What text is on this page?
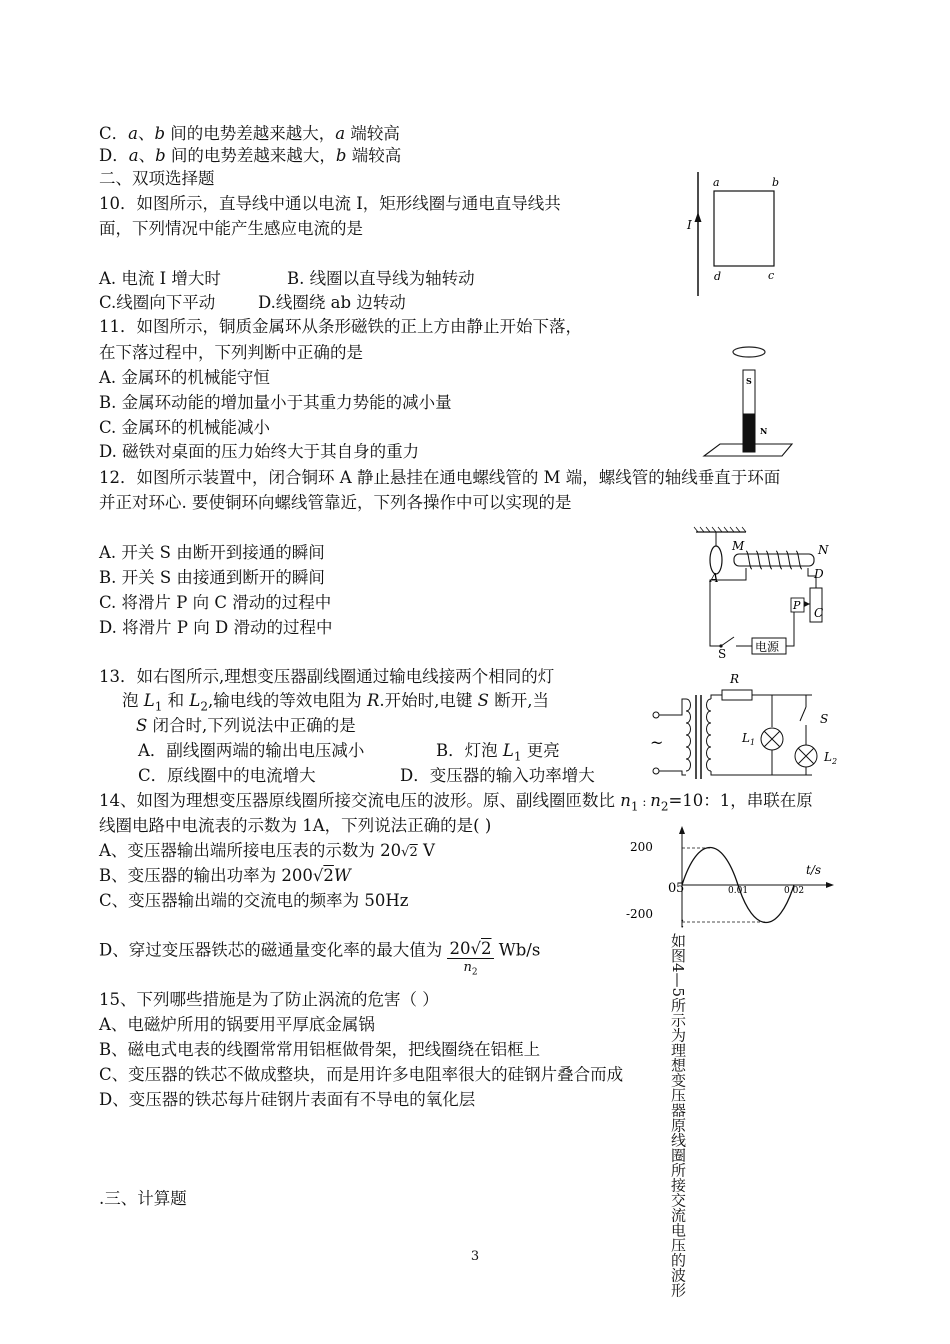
C．a、b 间的电势差越来越大，a 端较高
D．a、b 间的电势差越来越大，b 端较高
二、双项选择题
10．如图所示，直导线中通以电流 I，矩形线圈与通电直导线共
面，下列情况中能产生感应电流的是
A. 电流 I 增大时	B. 线圈以直导线为轴转动
C.线圈向下平动	D.线圈绕 ab 边转动
I
a	b
d	c
11．如图所示，铜质金属环从条形磁铁的正上方由静止开始下落，
在下落过程中，下列判断中正确的是
A. 金属环的机械能守恒
B. 金属环动能的增加量小于其重力势能的减小量
C. 金属环的机械能减小
D. 磁铁对桌面的压力始终大于其自身的重力
S
N
12．如图所示装置中，闭合铜环 A 静止悬挂在通电螺线管的 M 端，螺线管的轴线垂直于环面
并正对环心. 要使铜环向螺线管靠近，下列各操作中可以实现的是
A. 开关 S 由断开到接通的瞬间
B. 开关 S 由接通到断开的瞬间
C. 将滑片 P 向 C 滑动的过程中
D. 将滑片 P 向 D 滑动的过程中
A
M	N
D
P
C
S 电源
13．如右图所示,理想变压器副线圈通过输电线接两个相同的灯
泡 $L_1$ 和 $L_2$,输电线的等效电阻为 R.开始时,电键 S 断开,当
S 闭合时,下列说法中正确的是
A．副线圈两端的输出电压减小	B．灯泡 $L_1$ 更亮
C．原线圈中的电流增大	D．变压器的输入功率增大
~
R
$L_1$
S
$L_2$
14、如图为理想变压器原线圈所接交流电压的波形。原、副线圈匝数比 $n_1$ : $n_2=10$：1，串联在原
线圈电路中电流表的示数为 1A，下列说法正确的是( )
A、变压器输出端所接电压表的示数为 20√2 V
B、变压器的输出功率为 200√2W
C、变压器输出端的交流电的频率为 50Hz
D、穿过变压器铁芯的磁通量变化率的最大值为 20√2
$n_2$
Wb/s
200
-200
0 5	0.01	0.02
t/s
：如图4—5所示为理想变压器原线圈所接交流电压的波形
15、下列哪些措施是为了防止涡流的危害（ ）
A、电磁炉所用的锅要用平厚底金属锅
B、磁电式电表的线圈常常用铝框做骨架，把线圈绕在铝框上
C、变压器的铁芯不做成整块，而是用许多电阻率很大的硅钢片叠合而成
D、变压器的铁芯每片硅钢片表面有不导电的氧化层
.三、计算题
3
